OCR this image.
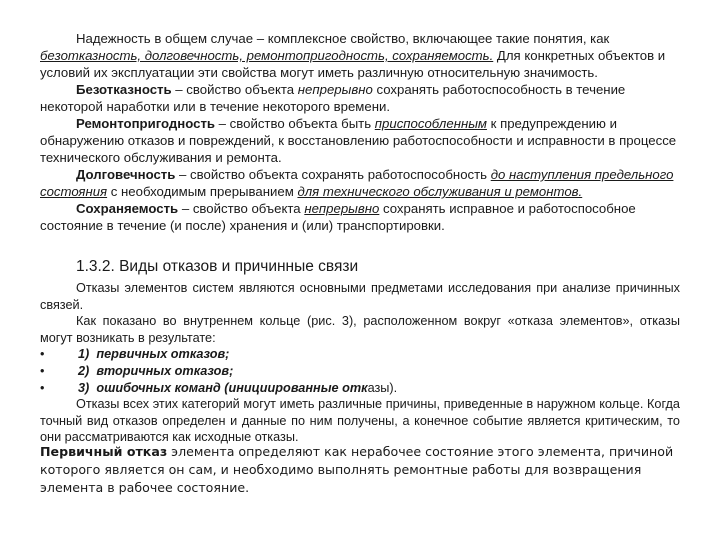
Надежность в общем случае – комплексное свойство, включающее такие понятия, как безотказность, долговечность, ремонтопригодность, сохраняемость. Для конкретных объектов и условий их эксплуатации эти свойства могут иметь различную относительную значимость.

Безотказность – свойство объекта непрерывно сохранять работоспособность в течение некоторой наработки или в течение некоторого времени.

Ремонтопригодность – свойство объекта быть приспособленным к предупреждению и обнаружению отказов и повреждений, к восстановлению работоспособности и исправности в процессе технического обслуживания и ремонта.

Долговечность – свойство объекта сохранять работоспособность до наступления предельного состояния с необходимым прерыванием для технического обслуживания и ремонтов.

Сохраняемость – свойство объекта непрерывно сохранять исправное и работоспособное состояние в течение (и после) хранения и (или) транспортировки.

1.3.2. Виды отказов и причинные связи

Отказы элементов систем являются основными предметами исследования при анализе причинных связей.

Как показано во внутреннем кольце (рис. 3), расположенном вокруг «отказа элементов», отказы могут возникать в результате:

•	1)
первичных отказов;
•	2)
вторичных отказов;
•	3)
ошибочных команд (инициированные отк азы).

Отказы всех этих категорий могут иметь различные причины, приведенные в наружном кольце. Когда точный вид отказов определен и данные по ним получены, а конечное событие является критическим, то они рассматриваются как исходные отказы.

Первичный отказ элемента определяют как нерабочее состояние этого элемента, причиной которого является он сам, и необходимо выполнять ремонтные работы для возвращения элемента в рабочее состояние.
